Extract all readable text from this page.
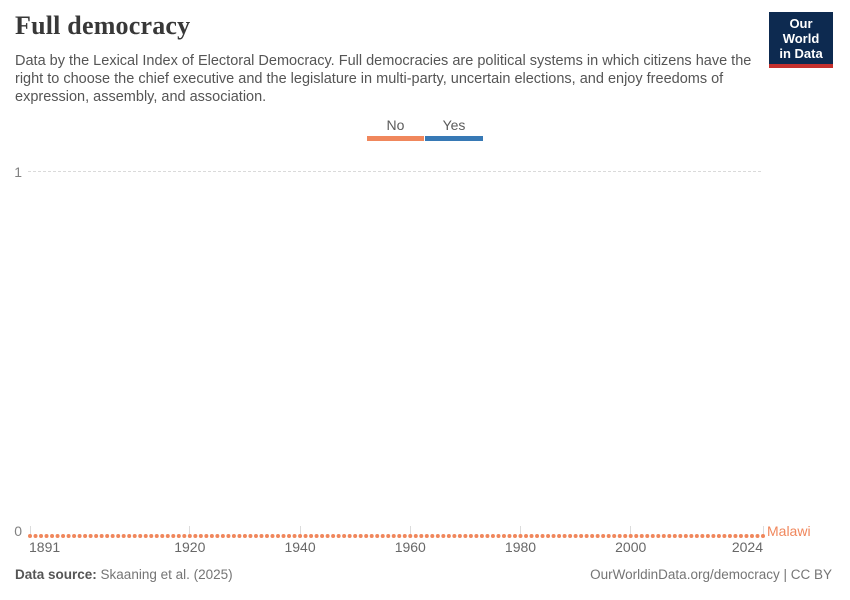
Full democracy
Data by the Lexical Index of Electoral Democracy. Full democracies are political systems in which citizens have the right to choose the chief executive and the legislature in multi-party, uncertain elections, and enjoy freedoms of expression, assembly, and association.
Our World
in Data
No	Yes
1
0	Malawi
1891	1920	1940	1960	1980	2000	2024
Data source: Skaaning et al. (2025)	OurWorldinData.org/democracy | CC BY
